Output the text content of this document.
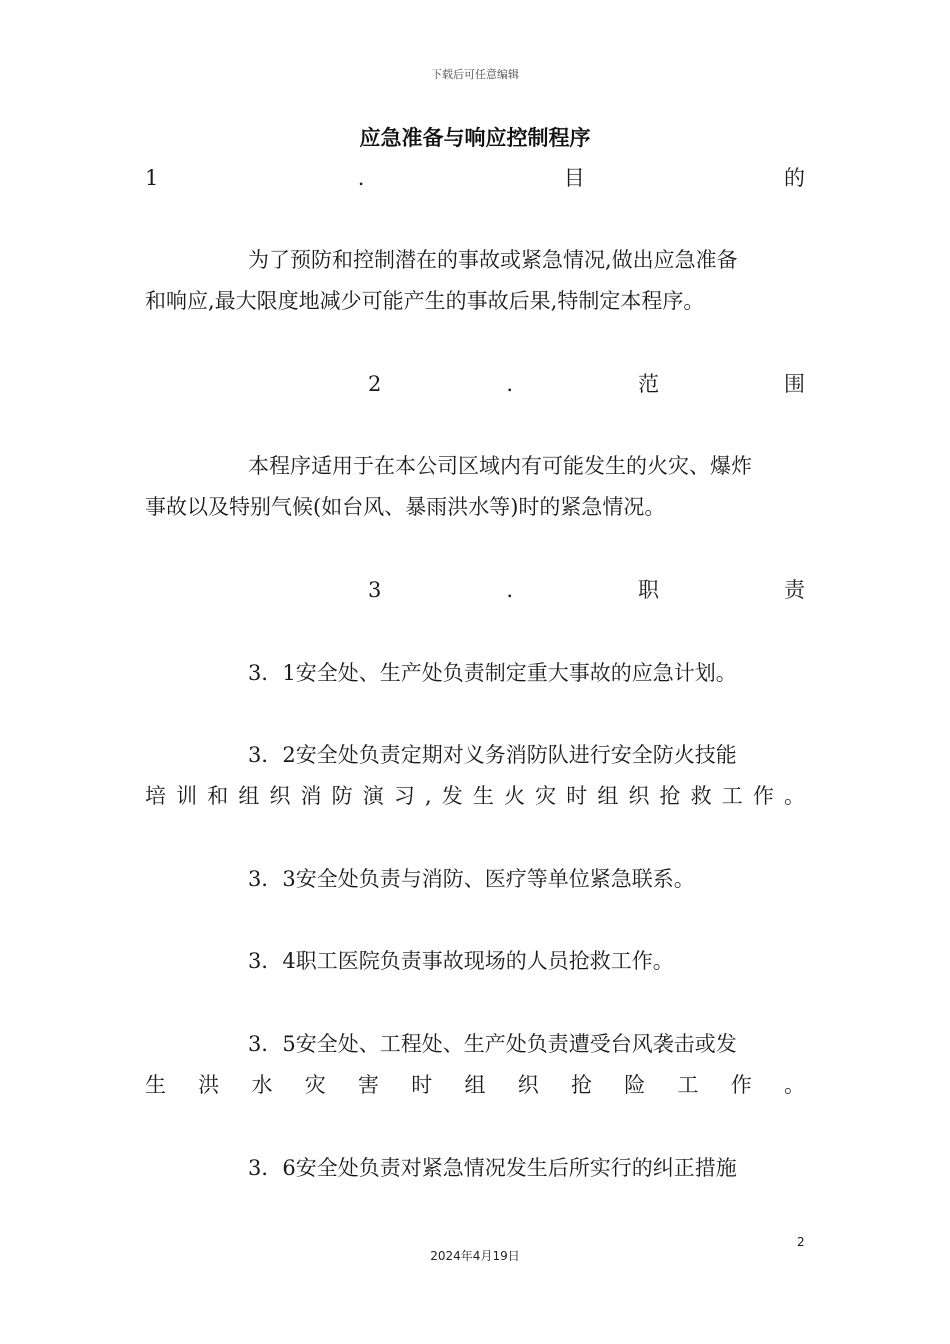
下载后可任意编辑
应急准备与响应控制程序
1	.	目	的
为了预防和控制潜在的事故或紧急情况,做出应急准备
和响应,最大限度地减少可能产生的事故后果,特制定本程序。
2	.	范	围
本程序适用于在本公司区域内有可能发生的火灾、爆炸
事故以及特别气候(如台风、暴雨洪水等)时的紧急情况。
3	.	职	责
3．1安全处、生产处负责制定重大事故的应急计划。
3．2安全处负责定期对义务消防队进行安全防火技能
培 训 和 组 织 消 防 演 习 , 发 生 火 灾 时 组 织 抢 救 工 作 。
3．3安全处负责与消防、医疗等单位紧急联系。
3．4职工医院负责事故现场的人员抢救工作。
3．5安全处、工程处、生产处负责遭受台风袭击或发
生 洪 水 灾 害 时 组 织 抢 险 工 作 。
3．6安全处负责对紧急情况发生后所实行的纠正措施
2
2024年4月19日
